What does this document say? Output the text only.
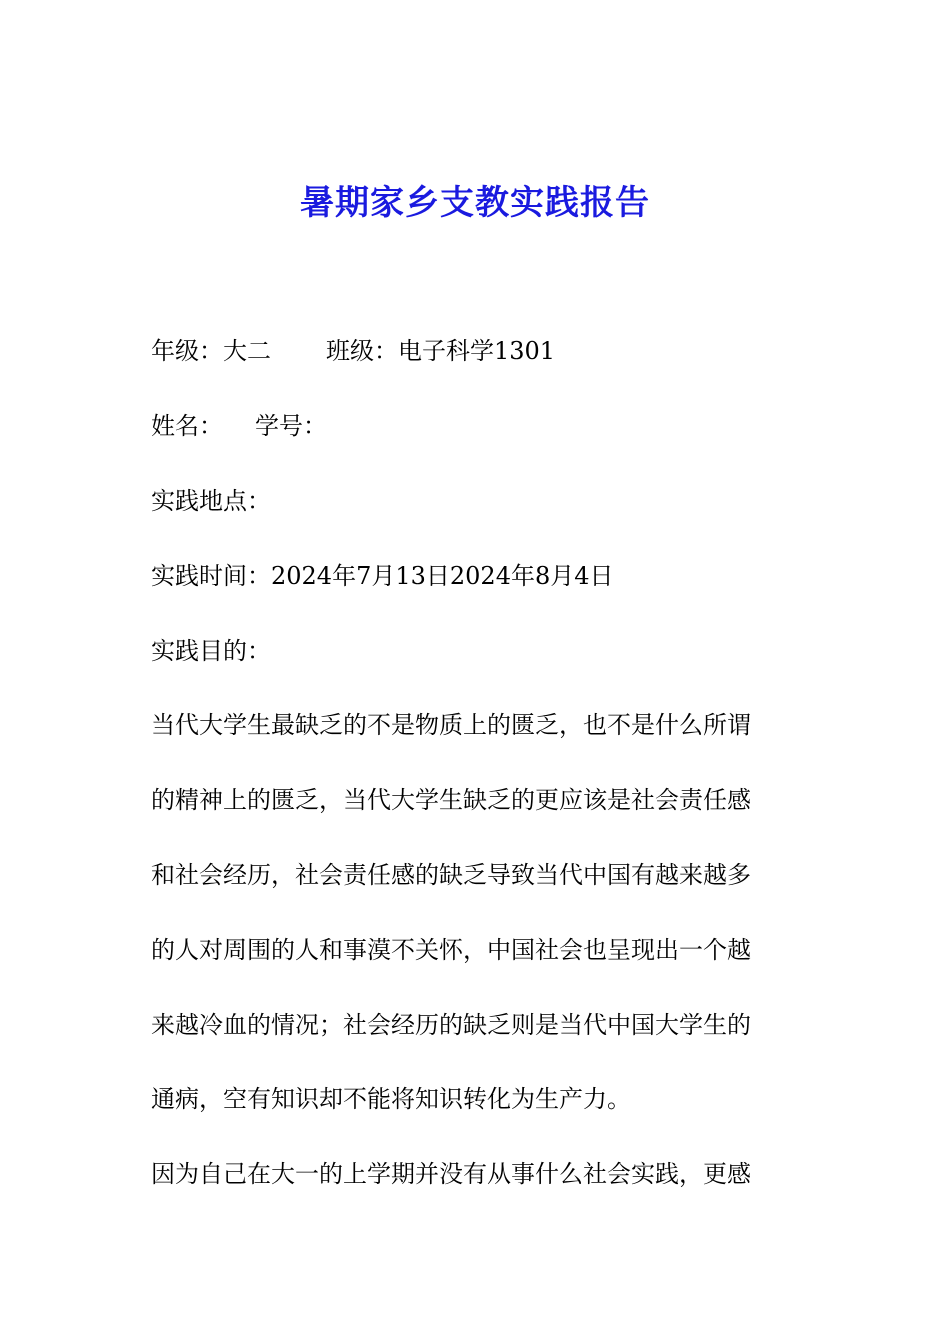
暑期家乡支教实践报告
年级：大二 班级：电子科学1301
姓名： 学号：
实践地点：
实践时间：2024年7月13日2024年8月4日
实践目的：
当代大学生最缺乏的不是物质上的匮乏，也不是什么所谓
的精神上的匮乏，当代大学生缺乏的更应该是社会责任感
和社会经历，社会责任感的缺乏导致当代中国有越来越多
的人对周围的人和事漠不关怀，中国社会也呈现出一个越
来越冷血的情况；社会经历的缺乏则是当代中国大学生的
通病，空有知识却不能将知识转化为生产力。
因为自己在大一的上学期并没有从事什么社会实践，更感
